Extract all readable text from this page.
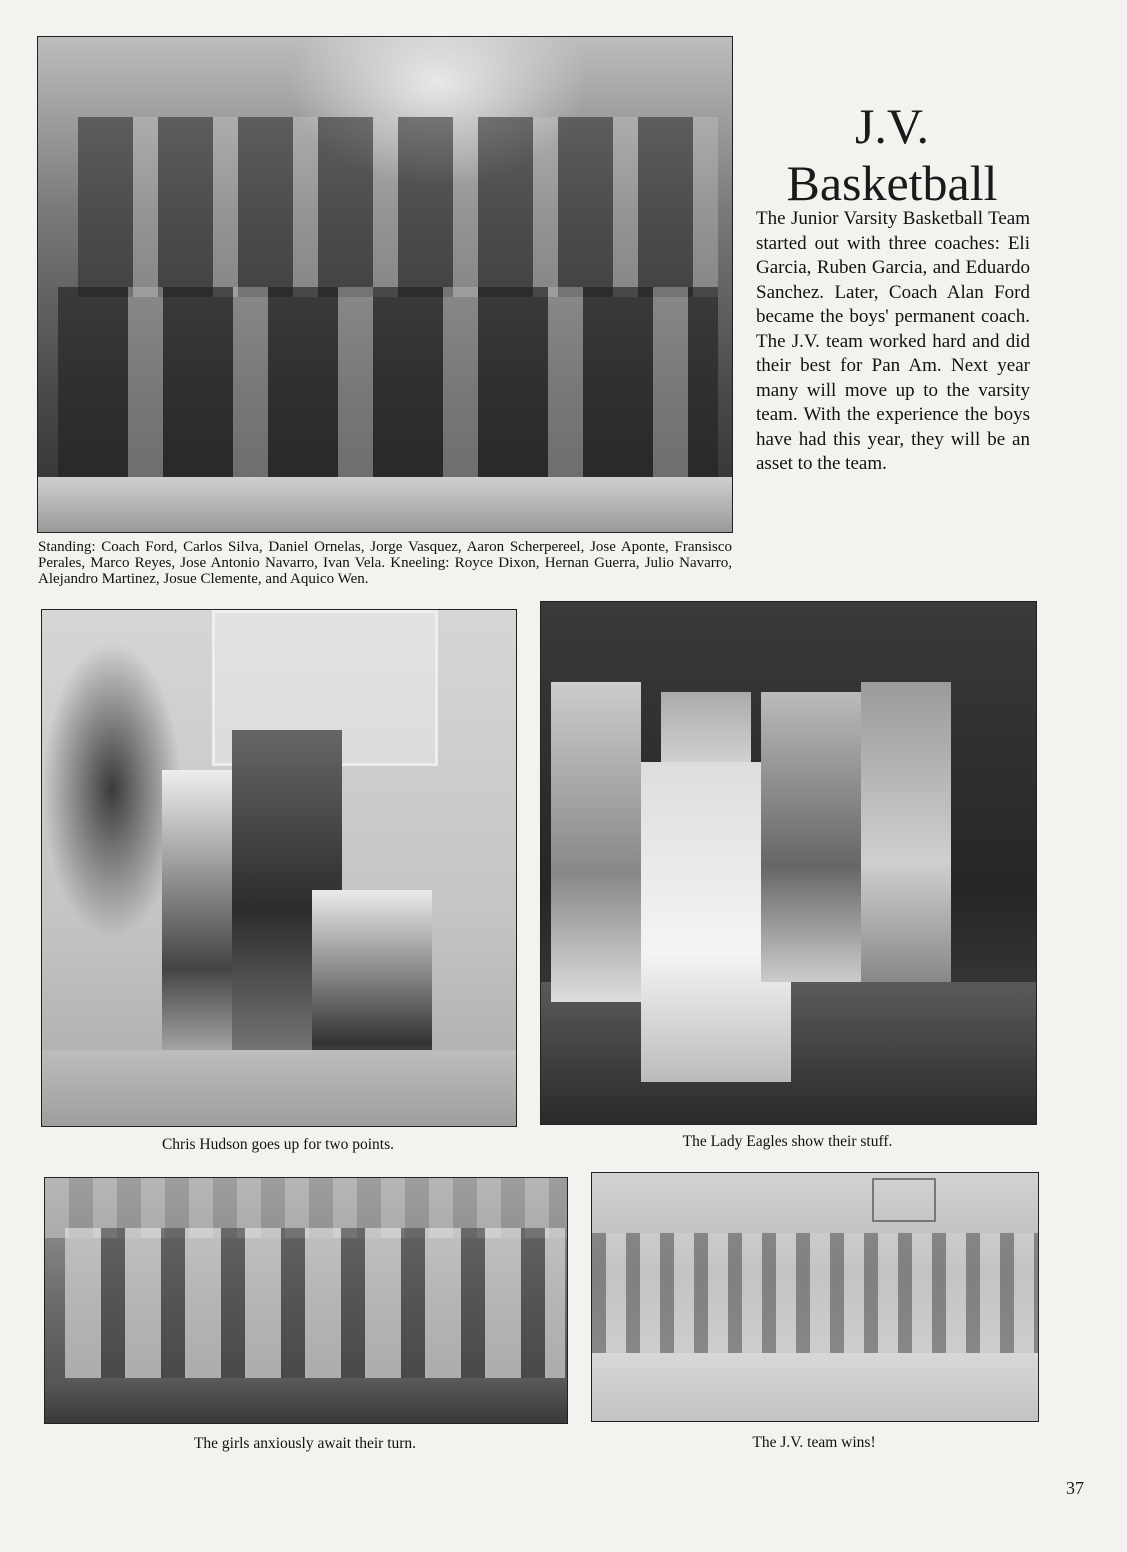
Standing: Coach Ford, Carlos Silva, Daniel Ornelas, Jorge Vasquez, Aaron Scherpereel, Jose Aponte, Fransisco Perales, Marco Reyes, Jose Antonio Navarro, Ivan Vela. Kneeling: Royce Dixon, Hernan Guerra, Julio Navarro, Alejandro Martinez, Josue Clemente, and Aquico Wen.
J.V.
Basketball
The Junior Varsity Basketball Team started out with three coaches: Eli Garcia, Ruben Garcia, and Eduardo Sanchez. Later, Coach Alan Ford became the boys' permanent coach. The J.V. team worked hard and did their best for Pan Am. Next year many will move up to the varsity team. With the experience the boys have had this year, they will be an asset to the team.
Chris Hudson goes up for two points.	The Lady Eagles show their stuff.
The girls anxiously await their turn.	The J.V. team wins!
37
